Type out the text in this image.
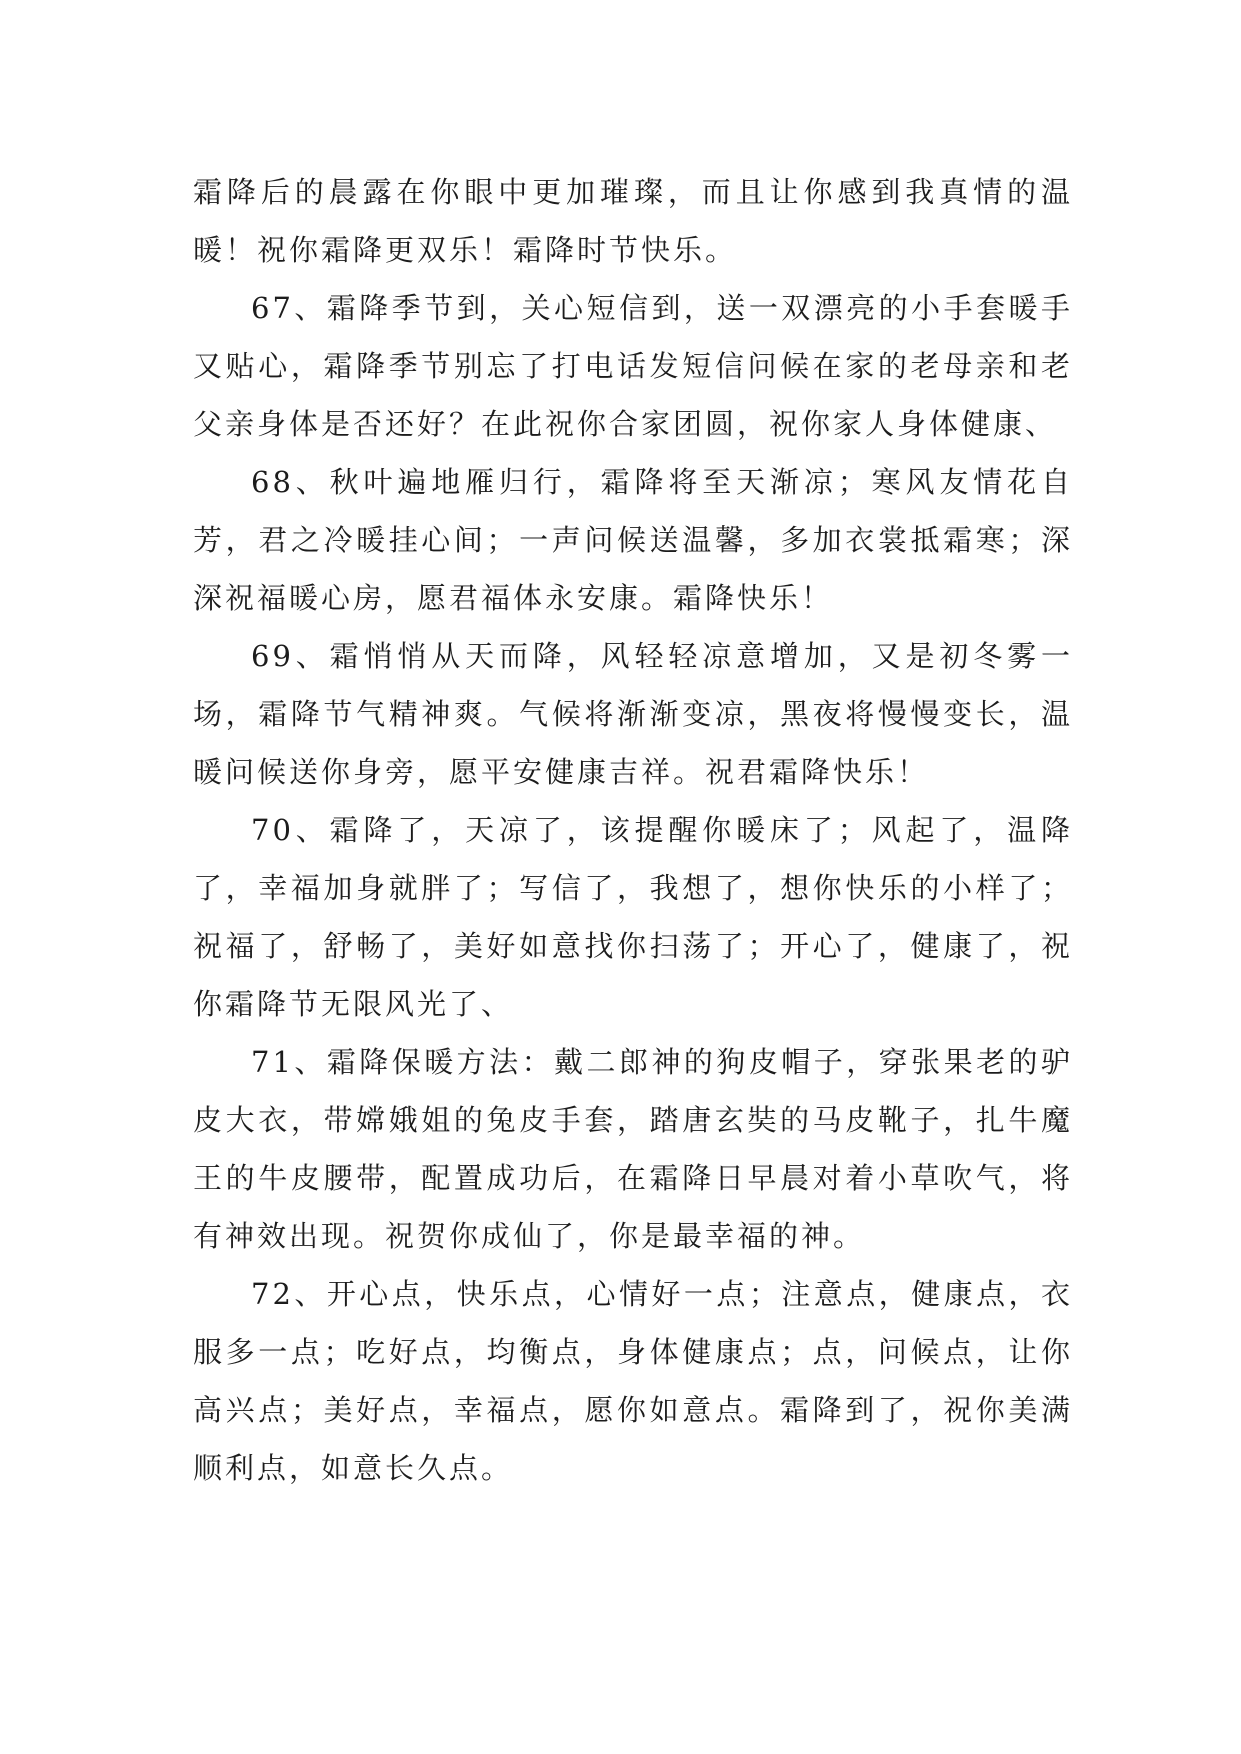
霜降后的晨露在你眼中更加璀璨，而且让你感到我真情的温暖！祝你霜降更双乐！霜降时节快乐。

67、霜降季节到，关心短信到，送一双漂亮的小手套暖手又贴心，霜降季节别忘了打电话发短信问候在家的老母亲和老父亲身体是否还好？在此祝你合家团圆，祝你家人身体健康、

68、秋叶遍地雁归行，霜降将至天渐凉；寒风友情花自芳，君之冷暖挂心间；一声问候送温馨，多加衣裳抵霜寒；深深祝福暖心房，愿君福体永安康。霜降快乐！

69、霜悄悄从天而降，风轻轻凉意增加，又是初冬雾一场，霜降节气精神爽。气候将渐渐变凉，黑夜将慢慢变长，温暖问候送你身旁，愿平安健康吉祥。祝君霜降快乐！

70、霜降了，天凉了，该提醒你暖床了；风起了，温降了，幸福加身就胖了；写信了，我想了，想你快乐的小样了；祝福了，舒畅了，美好如意找你扫荡了；开心了，健康了，祝你霜降节无限风光了、

71、霜降保暖方法：戴二郎神的狗皮帽子，穿张果老的驴皮大衣，带嫦娥姐的兔皮手套，踏唐玄奘的马皮靴子，扎牛魔王的牛皮腰带，配置成功后，在霜降日早晨对着小草吹气，将有神效出现。祝贺你成仙了，你是最幸福的神。

72、开心点，快乐点，心情好一点；注意点，健康点，衣服多一点；吃好点，均衡点，身体健康点；点，问候点，让你高兴点；美好点，幸福点，愿你如意点。霜降到了，祝你美满顺利点，如意长久点。
